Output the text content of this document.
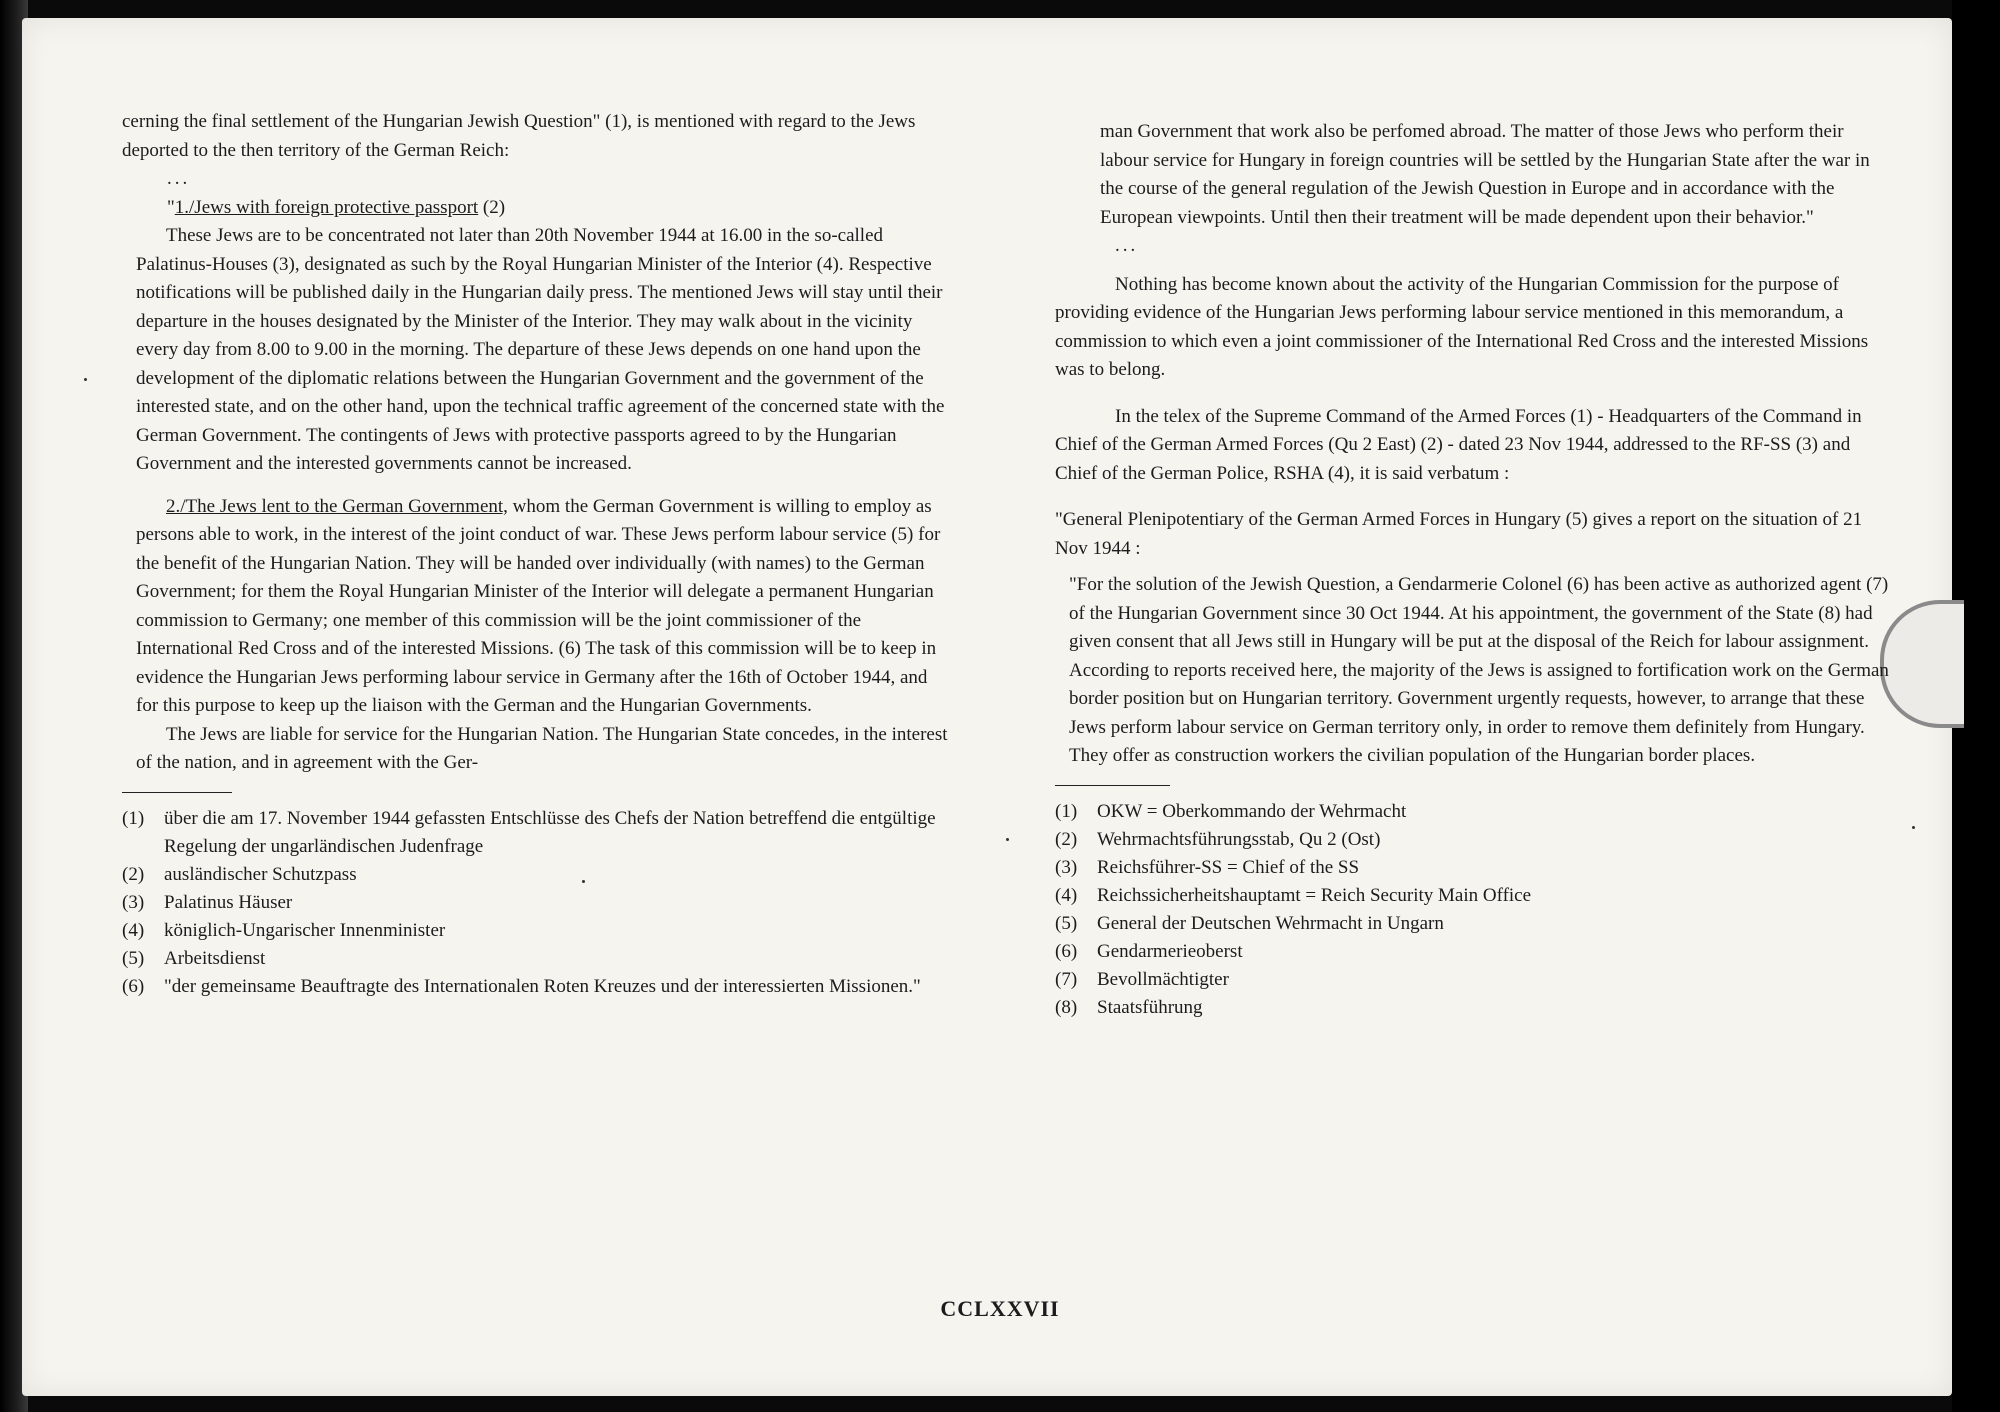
cerning the final settlement of the Hungarian Jewish Question" (1), is mentioned with regard to the Jews deported to the then territory of the German Reich:

...

"1./Jews with foreign protective passport (2)

These Jews are to be concentrated not later than 20th November 1944 at 16.00 in the so-called Palatinus-Houses (3), designated as such by the Royal Hungarian Minister of the Interior (4). Respective notifications will be published daily in the Hungarian daily press. The mentioned Jews will stay until their departure in the houses designated by the Minister of the Interior. They may walk about in the vicinity every day from 8.00 to 9.00 in the morning. The departure of these Jews depends on one hand upon the development of the diplomatic relations between the Hungarian Government and the government of the interested state, and on the other hand, upon the technical traffic agreement of the concerned state with the German Government. The contingents of Jews with protective passports agreed to by the Hungarian Government and the interested governments cannot be increased.

2./The Jews lent to the German Government, whom the German Government is willing to employ as persons able to work, in the interest of the joint conduct of war. These Jews perform labour service (5) for the benefit of the Hungarian Nation. They will be handed over individually (with names) to the German Government; for them the Royal Hungarian Minister of the Interior will delegate a permanent Hungarian commission to Germany; one member of this commission will be the joint commissioner of the International Red Cross and of the interested Missions. (6) The task of this commission will be to keep in evidence the Hungarian Jews performing labour service in Germany after the 16th of October 1944, and for this purpose to keep up the liaison with the German and the Hungarian Governments.

The Jews are liable for service for the Hungarian Nation. The Hungarian State concedes, in the interest of the nation, and in agreement with the Ger-

(1)	über die am 17. November 1944 gefassten Entschlüsse des Chefs der Nation betreffend die entgültige Regelung der ungarländischen Judenfrage
(2)	ausländischer Schutzpass
(3)	Palatinus Häuser
(4)	königlich-Ungarischer Innenminister
(5)	Arbeitsdienst
(6)	"der gemeinsame Beauftragte des Internationalen Roten Kreuzes und der interessierten Missionen."

man Government that work also be perfomed abroad. The matter of those Jews who perform their labour service for Hungary in foreign countries will be settled by the Hungarian State after the war in the course of the general regulation of the Jewish Question in Europe and in accordance with the European viewpoints. Until then their treatment will be made dependent upon their behavior."

...

Nothing has become known about the activity of the Hungarian Commission for the purpose of providing evidence of the Hungarian Jews performing labour service mentioned in this memorandum, a commission to which even a joint commissioner of the International Red Cross and the interested Missions was to belong.

In the telex of the Supreme Command of the Armed Forces (1) - Headquarters of the Command in Chief of the German Armed Forces (Qu 2 East) (2) - dated 23 Nov 1944, addressed to the RF-SS (3) and Chief of the German Police, RSHA (4), it is said verbatum :

"General Plenipotentiary of the German Armed Forces in Hungary (5) gives a report on the situation of 21 Nov 1944 :

"For the solution of the Jewish Question, a Gendarmerie Colonel (6) has been active as authorized agent (7) of the Hungarian Government since 30 Oct 1944. At his appointment, the government of the State (8) had given consent that all Jews still in Hungary will be put at the disposal of the Reich for labour assignment. According to reports received here, the majority of the Jews is assigned to fortification work on the German border position but on Hungarian territory. Government urgently requests, however, to arrange that these Jews perform labour service on German territory only, in order to remove them definitely from Hungary. They offer as construction workers the civilian population of the Hungarian border places.

(1)	OKW = Oberkommando der Wehrmacht
(2)	Wehrmachtsführungsstab, Qu 2 (Ost)
(3)	Reichsführer-SS = Chief of the SS
(4)	Reichssicherheitshauptamt = Reich Security Main Office
(5)	General der Deutschen Wehrmacht in Ungarn
(6)	Gendarmerieoberst
(7)	Bevollmächtigter
(8)	Staatsführung
CCLXXVII
